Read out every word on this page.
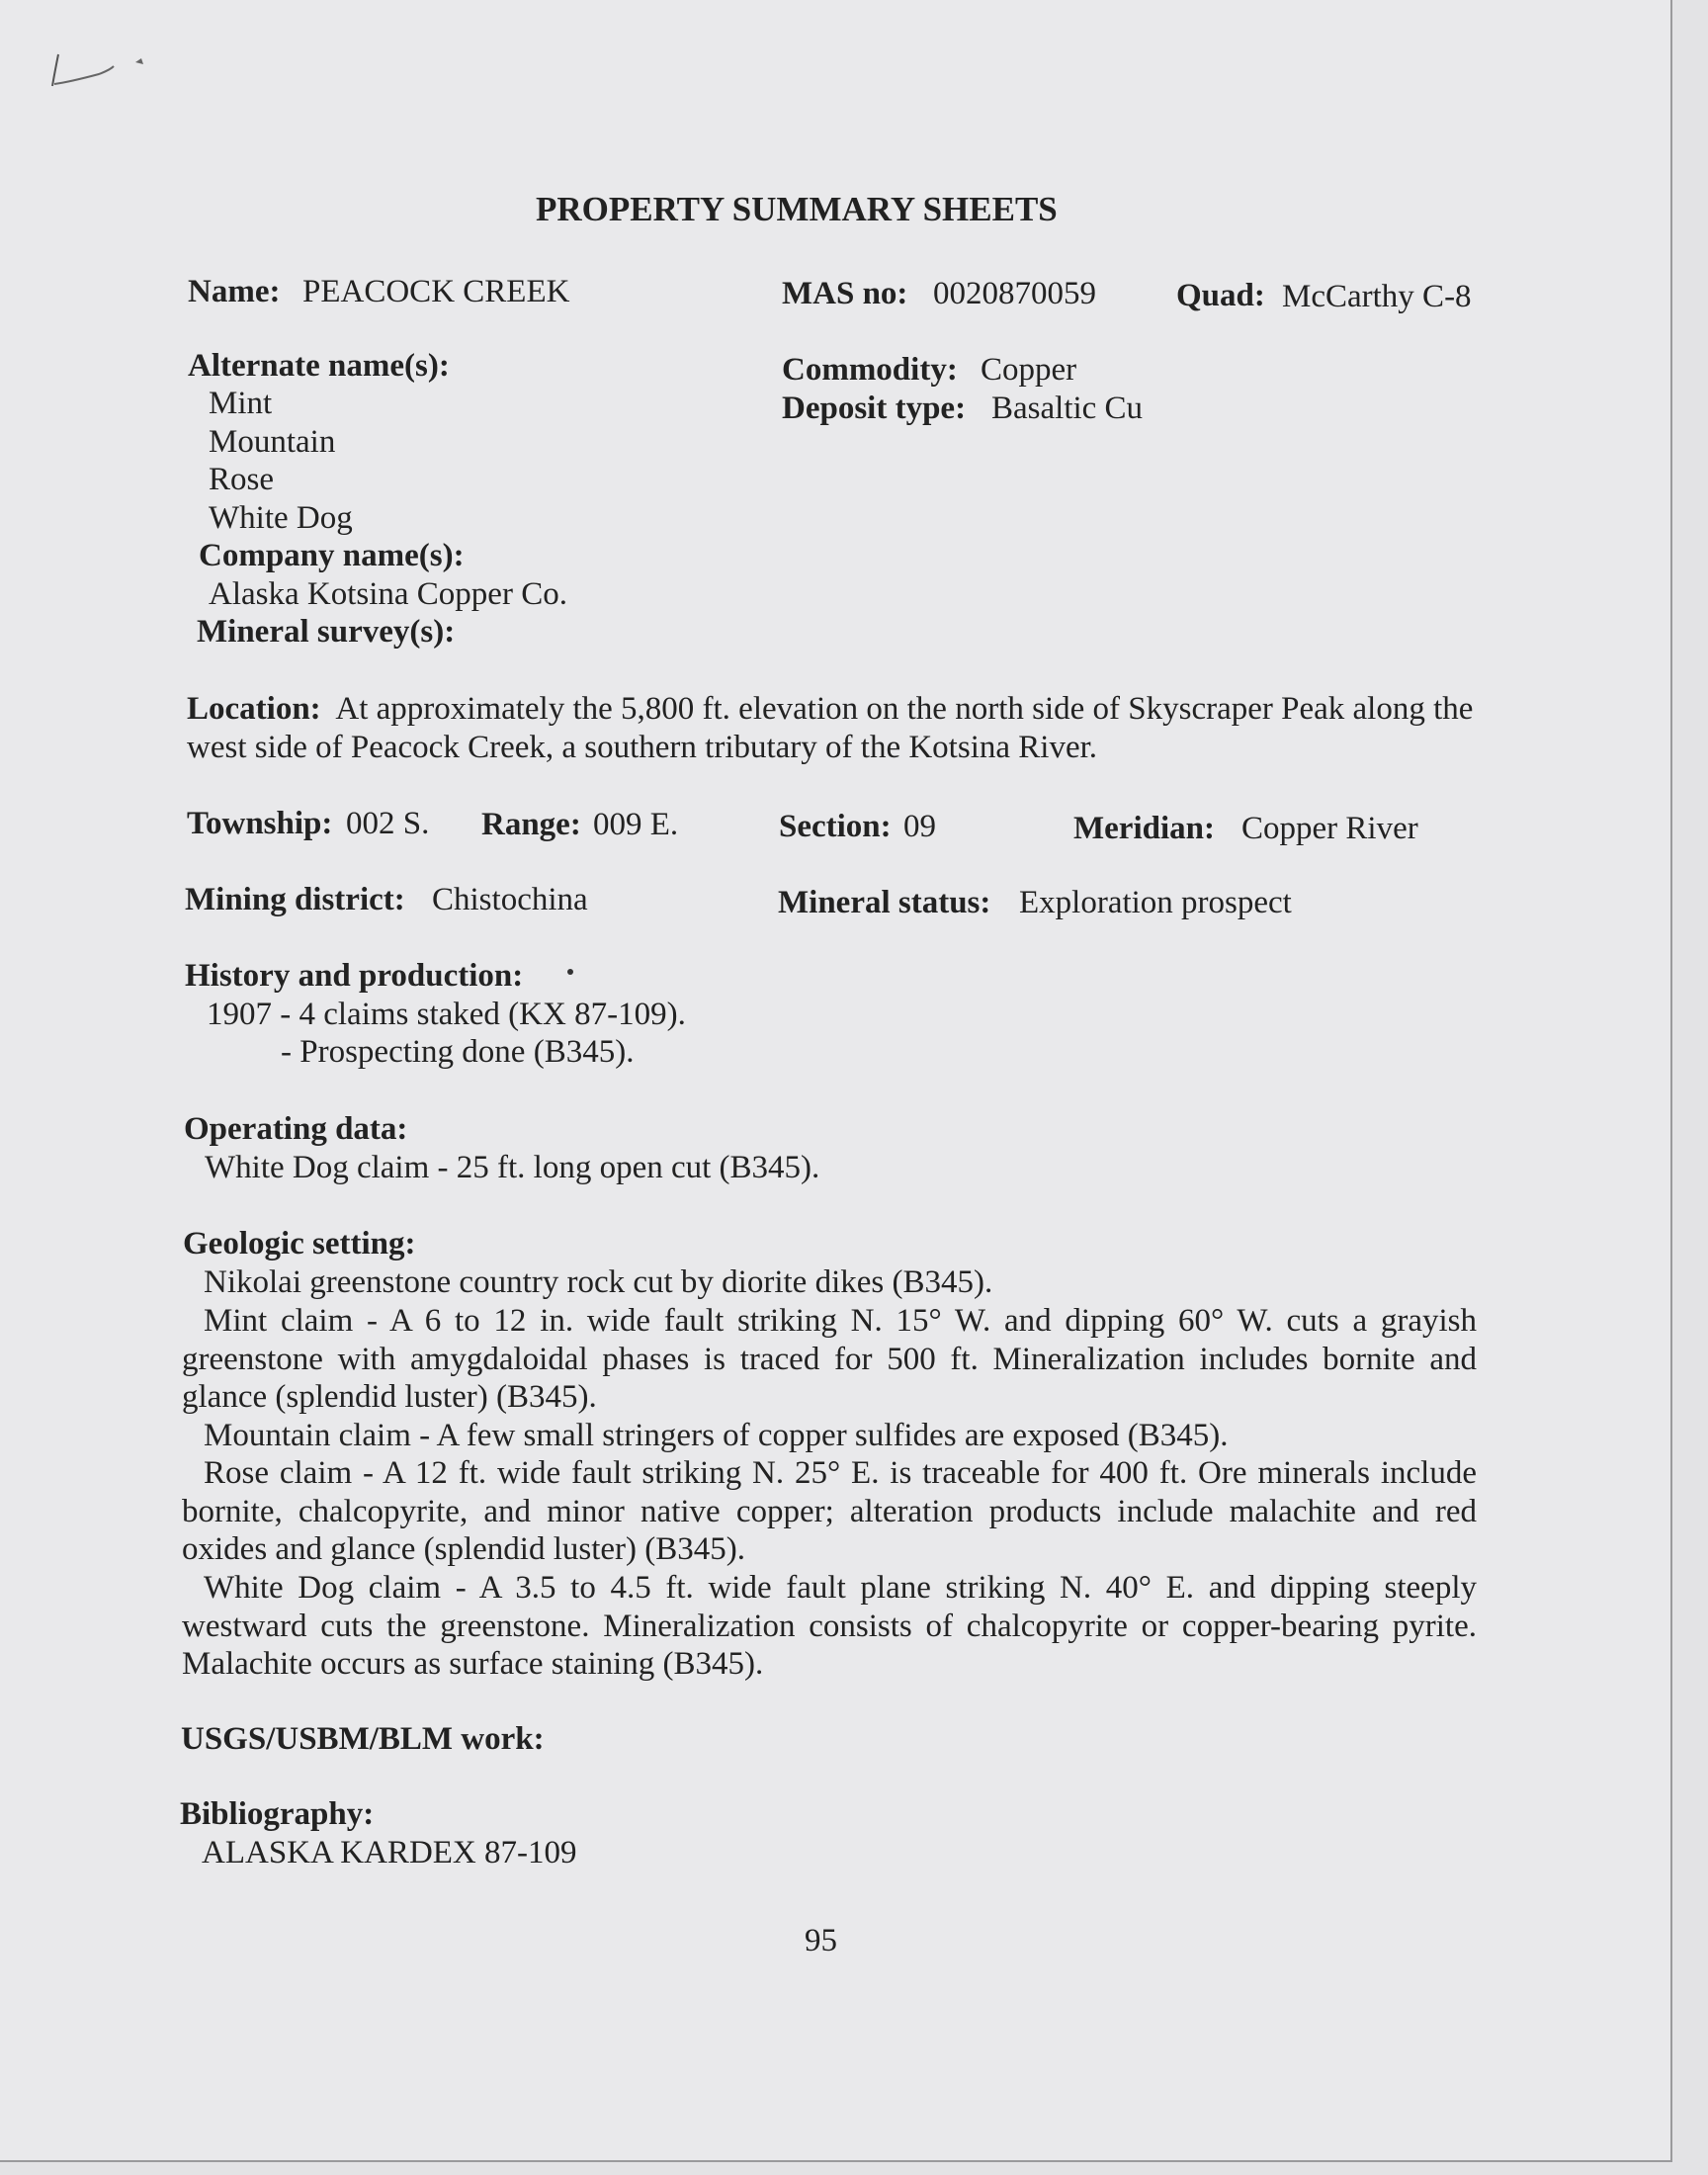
PROPERTY SUMMARY SHEETS
Name: PEACOCK CREEK	MAS no: 0020870059 Quad: McCarthy C-8
Alternate name(s):
Mint
Mountain
Rose
White Dog
Commodity: Copper
Deposit type: Basaltic Cu
Company name(s):
Alaska Kotsina Copper Co.
Mineral survey(s):
Location: At approximately the 5,800 ft. elevation on the north side of Skyscraper Peak along the west side of Peacock Creek, a southern tributary of the Kotsina River.
Township: 002 S. Range: 009 E.	Section: 09	Meridian: Copper River
Mining district: Chistochina	Mineral status: Exploration prospect
History and production:
1907 - 4 claims staked (KX 87-109).
- Prospecting done (B345).
Operating data:
White Dog claim - 25 ft. long open cut (B345).
Geologic setting:
Nikolai greenstone country rock cut by diorite dikes (B345).
Mint claim - A 6 to 12 in. wide fault striking N. 15° W. and dipping 60° W. cuts a grayish greenstone with amygdaloidal phases is traced for 500 ft. Mineralization includes bornite and glance (splendid luster) (B345).
Mountain claim - A few small stringers of copper sulfides are exposed (B345).
Rose claim - A 12 ft. wide fault striking N. 25° E. is traceable for 400 ft. Ore minerals include bornite, chalcopyrite, and minor native copper; alteration products include malachite and red oxides and glance (splendid luster) (B345).
White Dog claim - A 3.5 to 4.5 ft. wide fault plane striking N. 40° E. and dipping steeply westward cuts the greenstone. Mineralization consists of chalcopyrite or copper-bearing pyrite. Malachite occurs as surface staining (B345).
USGS/USBM/BLM work:
Bibliography:
ALASKA KARDEX 87-109
95
